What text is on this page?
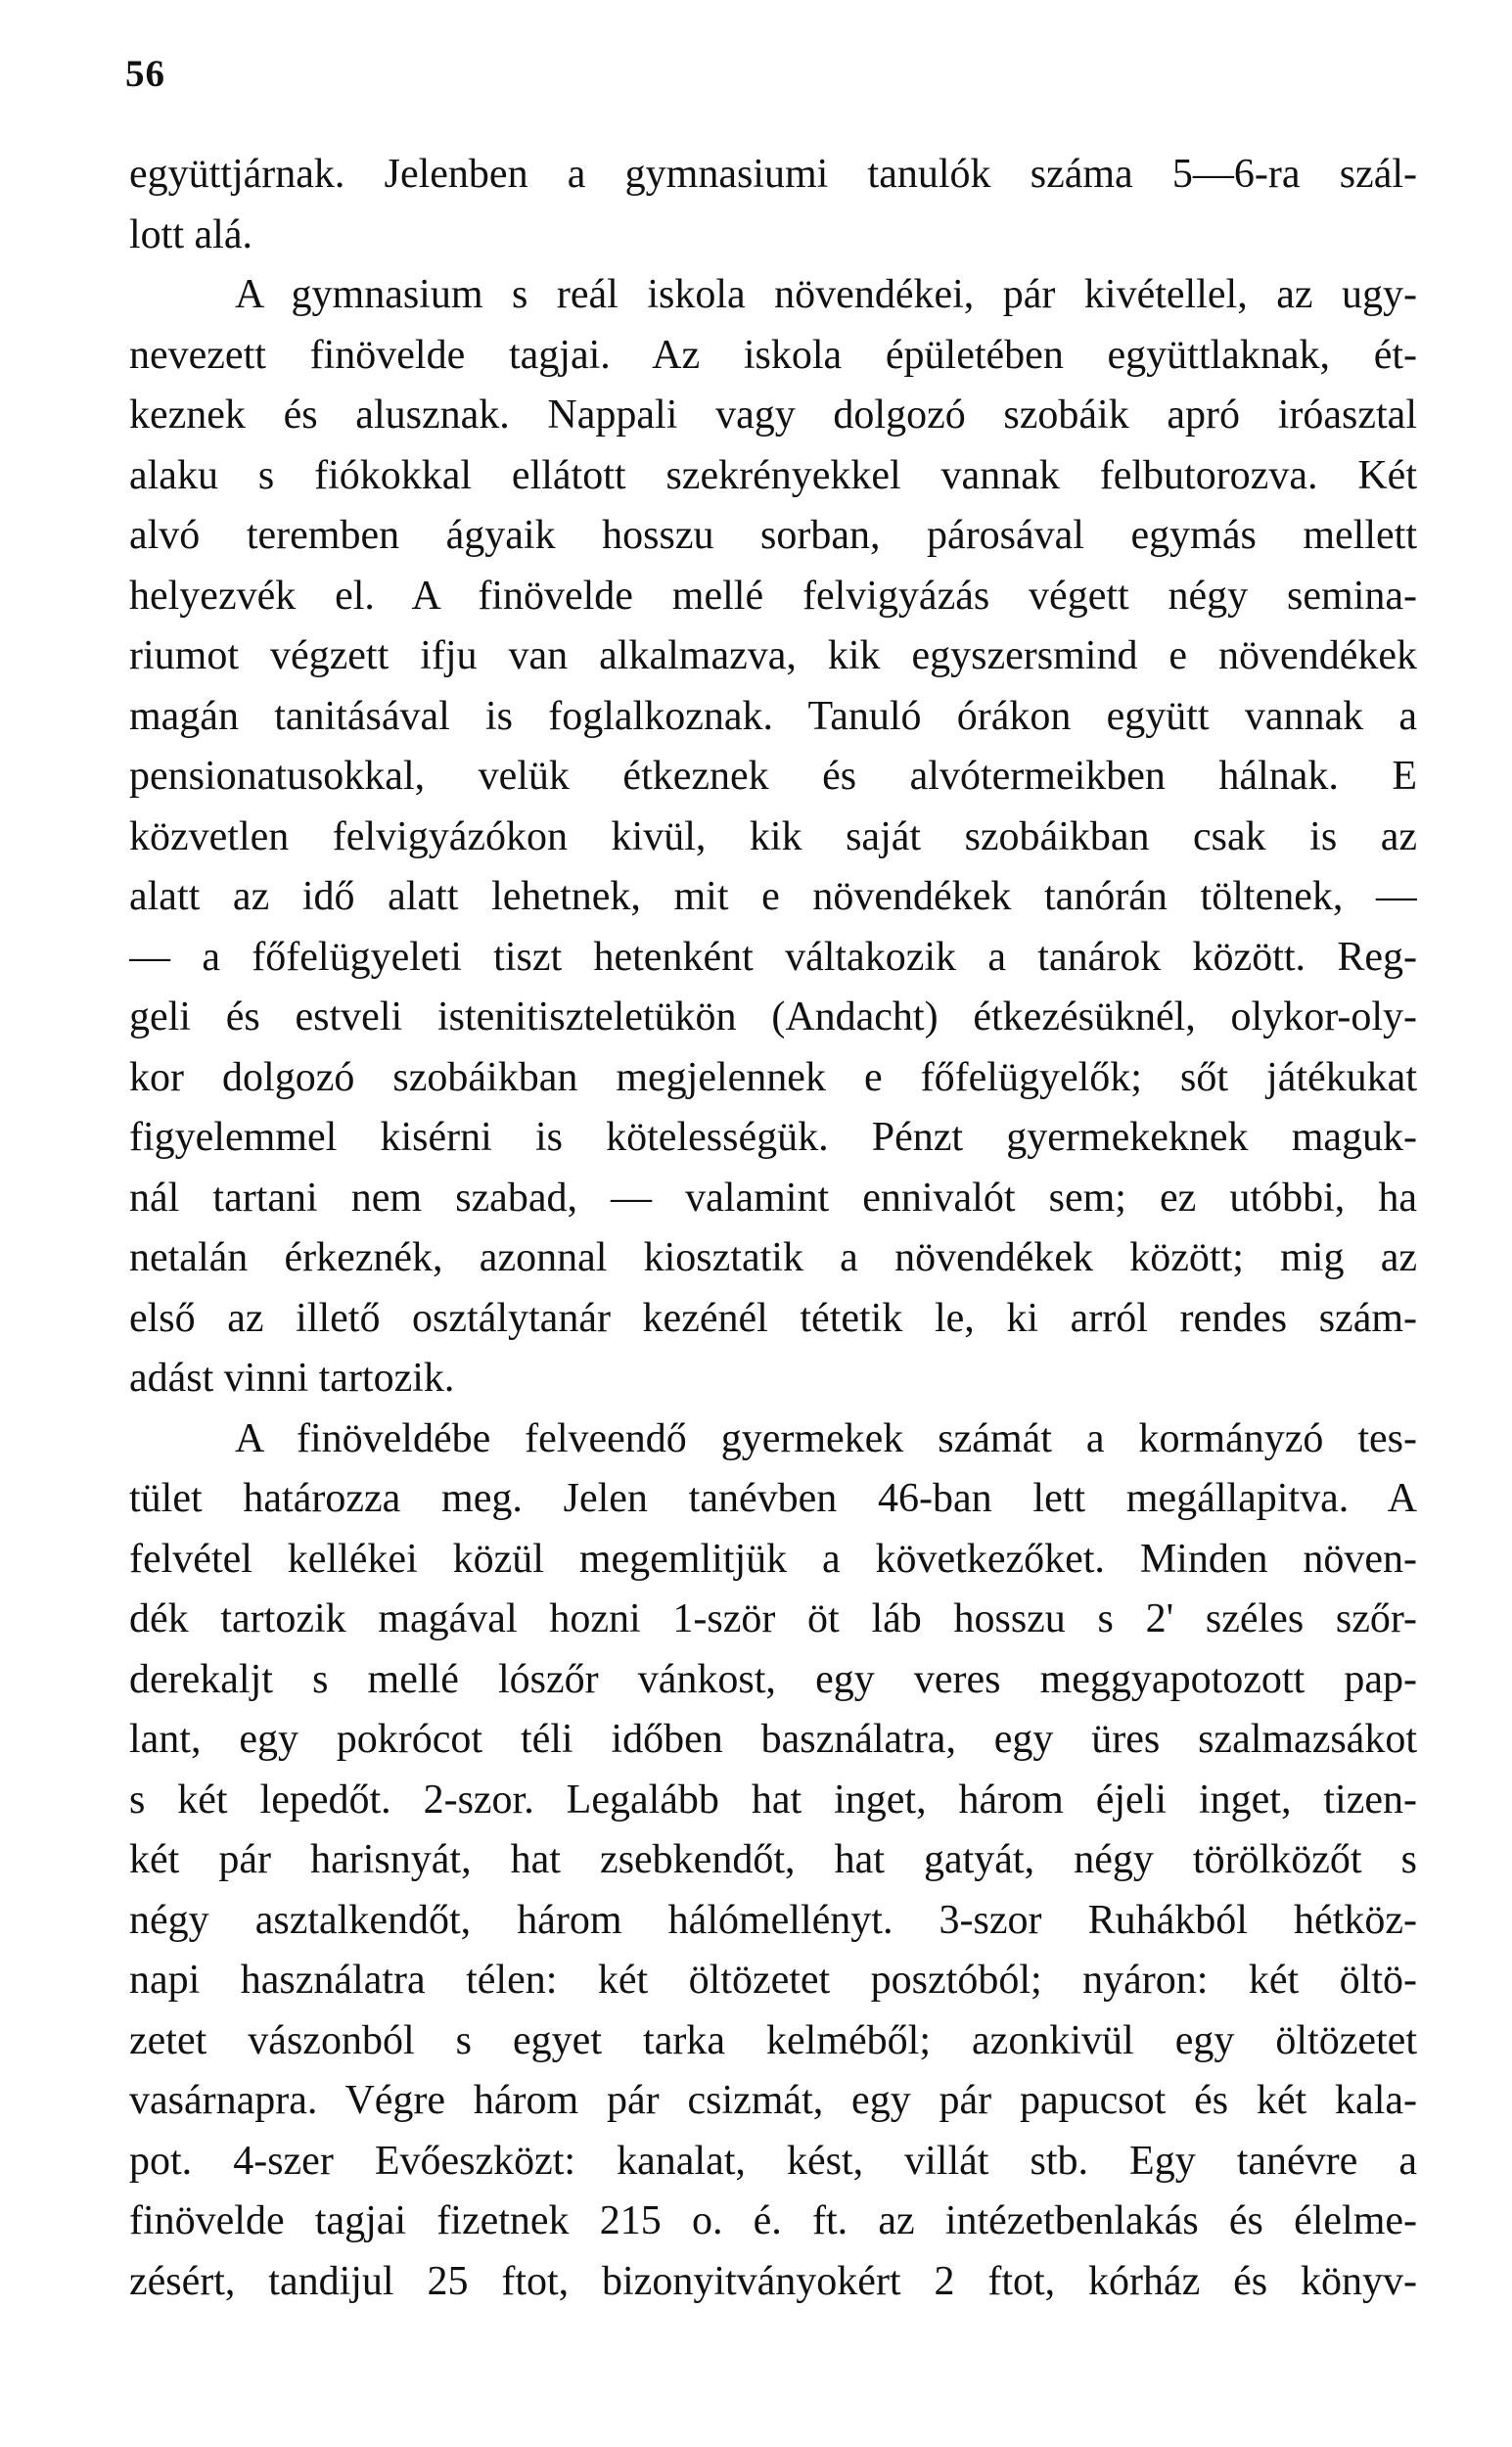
56
együttjárnak. Jelenben a gymnasiumi tanulók száma 5—6-ra szál-
lott alá.
A gymnasium s reál iskola növendékei, pár kivétellel, az ugy-
nevezett finövelde tagjai. Az iskola épületében együttlaknak, ét-
keznek és alusznak. Nappali vagy dolgozó szobáik apró iróasztal
alaku s fiókokkal ellátott szekrényekkel vannak felbutorozva. Két
alvó teremben ágyaik hosszu sorban, párosával egymás mellett
helyezvék el. A finövelde mellé felvigyázás végett négy semina-
riumot végzett ifju van alkalmazva, kik egyszersmind e növendékek
magán tanitásával is foglalkoznak. Tanuló órákon együtt vannak a
pensionatusokkal, velük étkeznek és alvótermeikben hálnak. E
közvetlen felvigyázókon kivül, kik saját szobáikban csak is az
alatt az idő alatt lehetnek, mit e növendékek tanórán töltenek, —
— a főfelügyeleti tiszt hetenként váltakozik a tanárok között. Reg-
geli és estveli istenitiszteletükön (Andacht) étkezésüknél, olykor-oly-
kor dolgozó szobáikban megjelennek e főfelügyelők; sőt játékukat
figyelemmel kisérni is kötelességük. Pénzt gyermekeknek maguk-
nál tartani nem szabad, — valamint ennivalót sem; ez utóbbi, ha
netalán érkeznék, azonnal kiosztatik a növendékek között; mig az
első az illető osztálytanár kezénél tétetik le, ki arról rendes szám-
adást vinni tartozik.
A finöveldébe felveendő gyermekek számát a kormányzó tes-
tület határozza meg. Jelen tanévben 46-ban lett megállapitva. A
felvétel kellékei közül megemlitjük a következőket. Minden növen-
dék tartozik magával hozni 1-ször öt láb hosszu s 2' széles szőr-
derekaljt s mellé lószőr vánkost, egy veres meggyapotozott pap-
lant, egy pokrócot téli időben basználatra, egy üres szalmazsákot
s két lepedőt. 2-szor. Legalább hat inget, három éjeli inget, tizen-
két pár harisnyát, hat zsebkendőt, hat gatyát, négy törölközőt s
négy asztalkendőt, három hálómellényt. 3-szor Ruhákból hétköz-
napi használatra télen: két öltözetet posztóból; nyáron: két öltö-
zetet vászonból s egyet tarka kelméből; azonkivül egy öltözetet
vasárnapra. Végre három pár csizmát, egy pár papucsot és két kala-
pot. 4-szer Evőeszközt: kanalat, kést, villát stb. Egy tanévre a
finövelde tagjai fizetnek 215 o. é. ft. az intézetbenlakás és élelme-
zésért, tandijul 25 ftot, bizonyitványokért 2 ftot, kórház és könyv-
